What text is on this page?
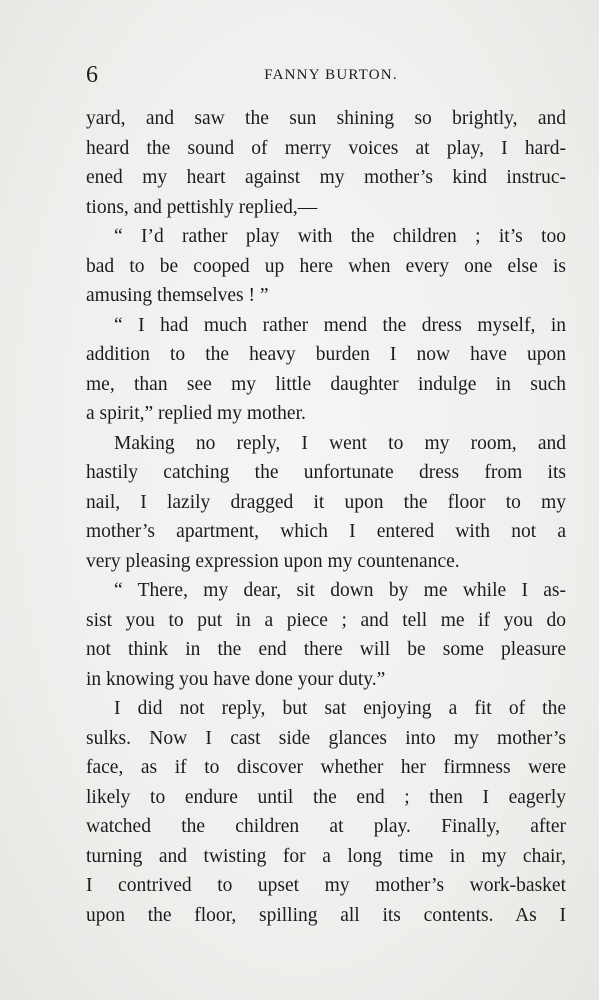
6	FANNY BURTON.
yard, and saw the sun shining so brightly, and
heard the sound of merry voices at play, I hard-
ened my heart against my mother’s kind instruc-
tions, and pettishly replied,—
“ I’d rather play with the children ; it’s too
bad to be cooped up here when every one else is
amusing themselves ! ”
“ I had much rather mend the dress myself, in
addition to the heavy burden I now have upon
me, than see my little daughter indulge in such
a spirit,” replied my mother.
Making no reply, I went to my room, and
hastily catching the unfortunate dress from its
nail, I lazily dragged it upon the floor to my
mother’s apartment, which I entered with not a
very pleasing expression upon my countenance.
“ There, my dear, sit down by me while I as-
sist you to put in a piece ; and tell me if you do
not think in the end there will be some pleasure
in knowing you have done your duty.”
I did not reply, but sat enjoying a fit of the
sulks. Now I cast side glances into my mother’s
face, as if to discover whether her firmness were
likely to endure until the end ; then I eagerly
watched the children at play. Finally, after
turning and twisting for a long time in my chair,
I contrived to upset my mother’s work-basket
upon the floor, spilling all its contents. As I
